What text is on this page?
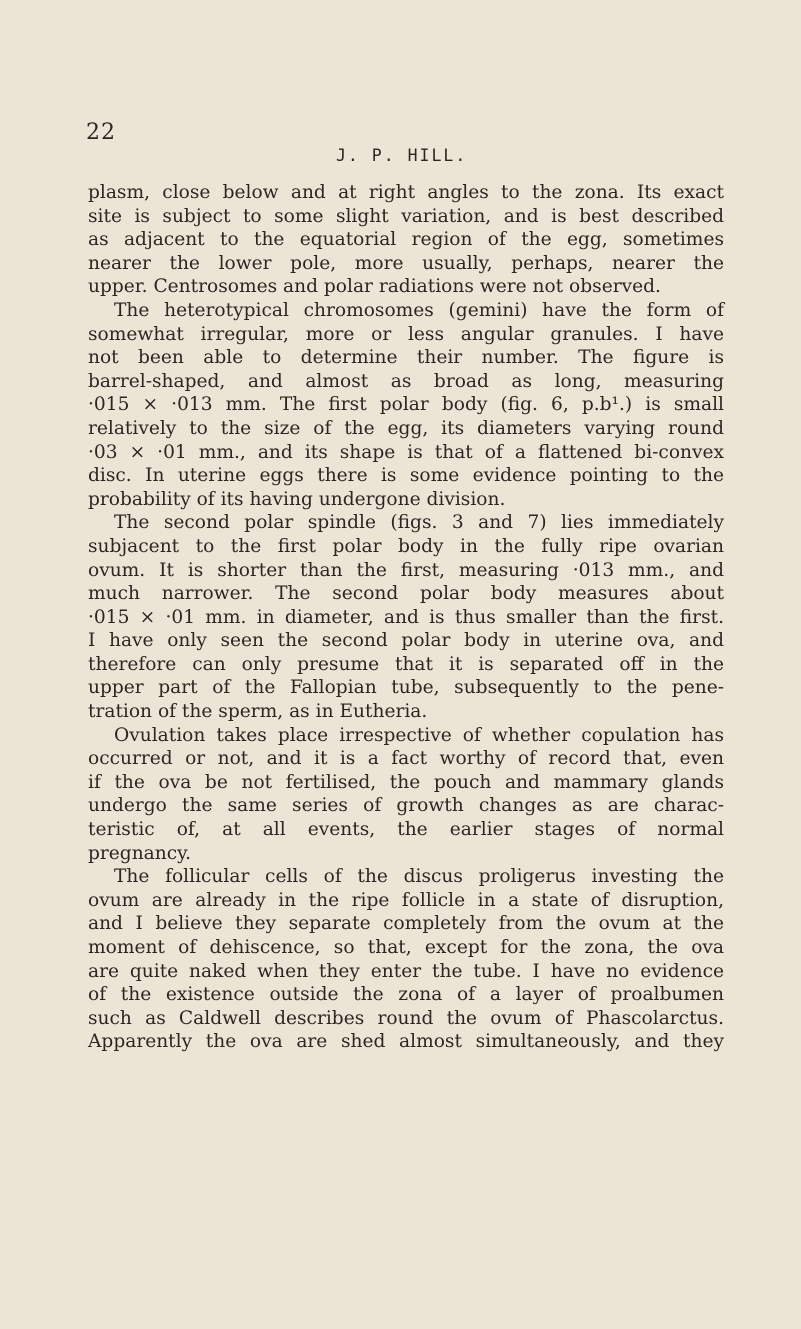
22
J. P. HILL.
plasm, close below and at right angles to the zona. Its exact
site is subject to some slight variation, and is best described
as adjacent to the equatorial region of the egg, sometimes
nearer the lower pole, more usually, perhaps, nearer the
upper. Centrosomes and polar radiations were not observed.
The heterotypical chromosomes (gemini) have the form of
somewhat irregular, more or less angular granules. I have
not been able to determine their number. The figure is
barrel-shaped, and almost as broad as long, measuring
·015 × ·013 mm. The first polar body (fig. 6, p.b¹.) is small
relatively to the size of the egg, its diameters varying round
·03 × ·01 mm., and its shape is that of a flattened bi-convex
disc. In uterine eggs there is some evidence pointing to the
probability of its having undergone division.
The second polar spindle (figs. 3 and 7) lies immediately
subjacent to the first polar body in the fully ripe ovarian
ovum. It is shorter than the first, measuring ·013 mm., and
much narrower. The second polar body measures about
·015 × ·01 mm. in diameter, and is thus smaller than the first.
I have only seen the second polar body in uterine ova, and
therefore can only presume that it is separated off in the
upper part of the Fallopian tube, subsequently to the pene-
tration of the sperm, as in Eutheria.
Ovulation takes place irrespective of whether copulation has
occurred or not, and it is a fact worthy of record that, even
if the ova be not fertilised, the pouch and mammary glands
undergo the same series of growth changes as are charac-
teristic of, at all events, the earlier stages of normal
pregnancy.
The follicular cells of the discus proligerus investing the
ovum are already in the ripe follicle in a state of disruption,
and I believe they separate completely from the ovum at the
moment of dehiscence, so that, except for the zona, the ova
are quite naked when they enter the tube. I have no evidence
of the existence outside the zona of a layer of proalbumen
such as Caldwell describes round the ovum of Phascolarctus.
Apparently the ova are shed almost simultaneously, and they
